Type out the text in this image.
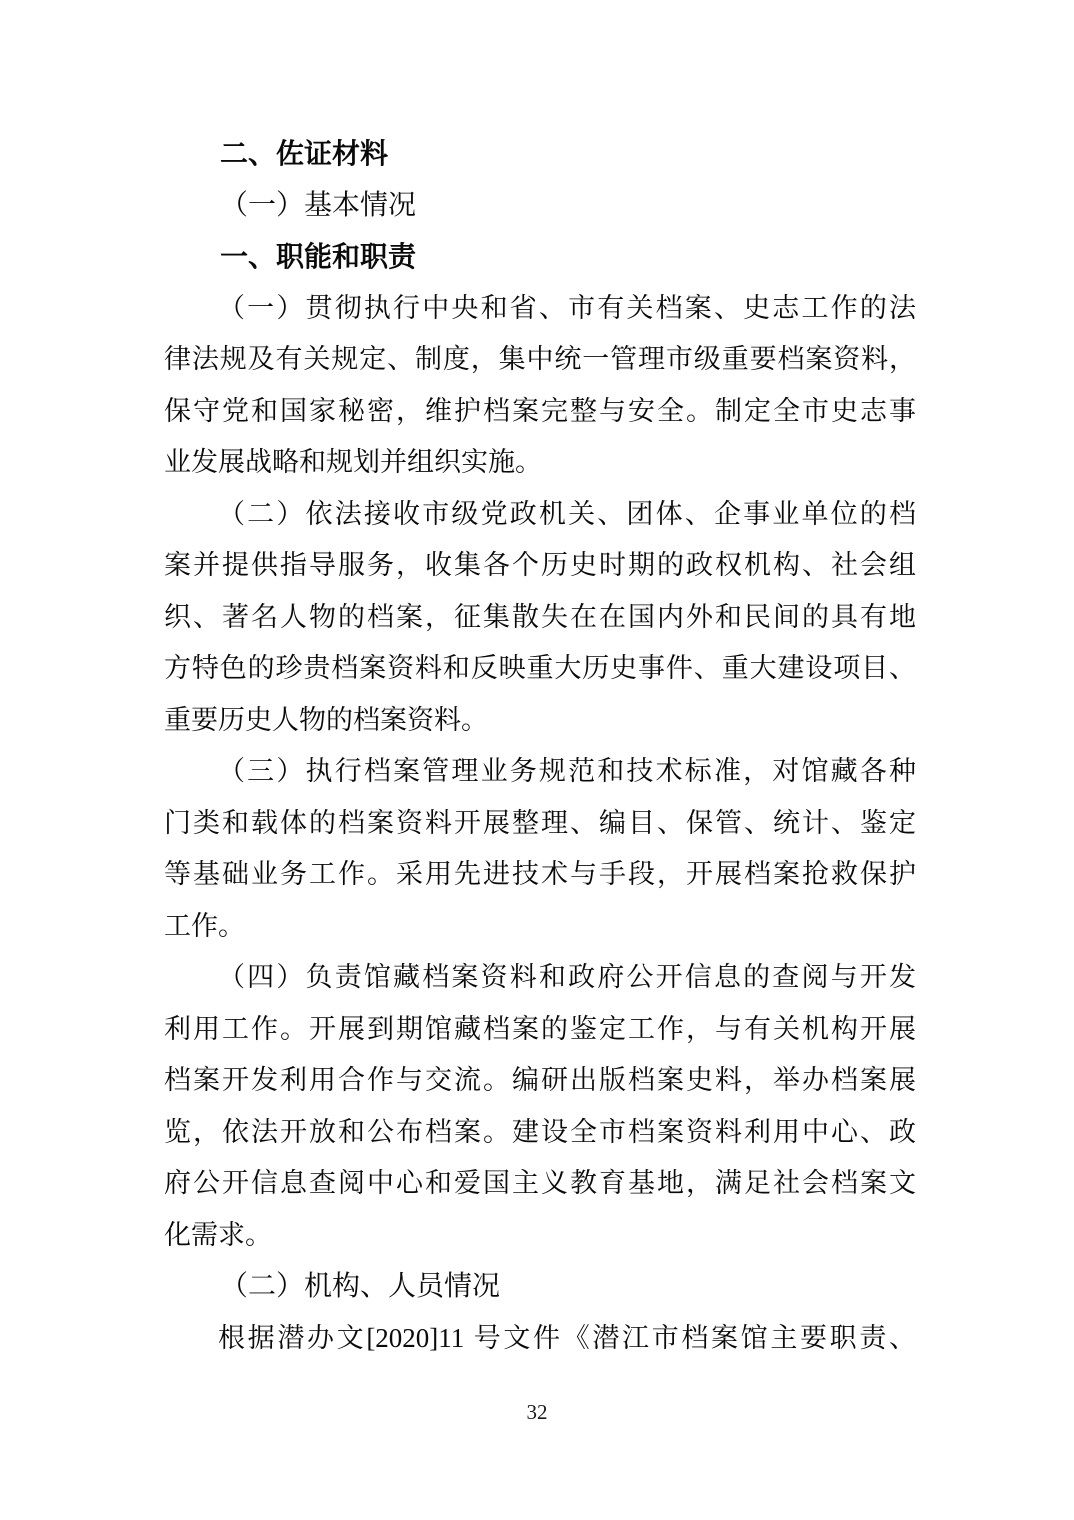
二、佐证材料
（一）基本情况
一、职能和职责
（一）贯彻执行中央和省、市有关档案、史志工作的法
律法规及有关规定、制度，集中统一管理市级重要档案资料，
保守党和国家秘密，维护档案完整与安全。制定全市史志事
业发展战略和规划并组织实施。
（二）依法接收市级党政机关、团体、企事业单位的档
案并提供指导服务，收集各个历史时期的政权机构、社会组
织、著名人物的档案，征集散失在在国内外和民间的具有地
方特色的珍贵档案资料和反映重大历史事件、重大建设项目、
重要历史人物的档案资料。
（三）执行档案管理业务规范和技术标准，对馆藏各种
门类和载体的档案资料开展整理、编目、保管、统计、鉴定
等基础业务工作。采用先进技术与手段，开展档案抢救保护
工作。
（四）负责馆藏档案资料和政府公开信息的查阅与开发
利用工作。开展到期馆藏档案的鉴定工作，与有关机构开展
档案开发利用合作与交流。编研出版档案史料，举办档案展
览，依法开放和公布档案。建设全市档案资料利用中心、政
府公开信息查阅中心和爱国主义教育基地，满足社会档案文
化需求。
（二）机构、人员情况
根据潜办文[2020]11 号文件《潜江市档案馆主要职责、
32
